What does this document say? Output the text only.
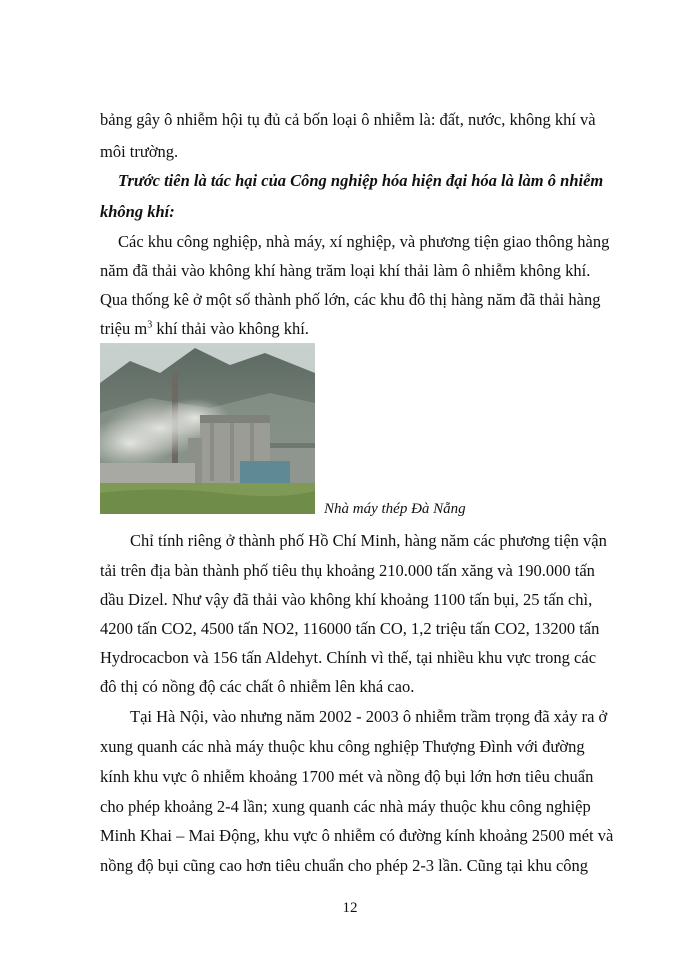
bảng gây ô nhiễm hội tụ đủ cả bốn loại ô nhiễm là: đất, nước, không khí và
môi trường.
Trước tiên là tác hại của Công nghiệp hóa hiện đại hóa là làm ô nhiễm
không khí:
Các khu công nghiệp, nhà máy, xí nghiệp, và phương tiện giao thông hàng
năm đã thải vào không khí hàng trăm loại khí thải làm ô nhiễm không khí.
Qua thống kê ở một số thành phố lớn, các khu đô thị hàng năm đã thải hàng
triệu $m^3$ khí thải vào không khí.
Nhà máy thép Đà Nẵng
Chỉ tính riêng ở thành phố Hồ Chí Minh, hàng năm các phương tiện vận
tải trên địa bàn thành phố tiêu thụ khoảng 210.000 tấn xăng và 190.000 tấn
dầu Dizel. Như vậy đã thải vào không khí khoảng 1100 tấn bụi, 25 tấn chì,
4200 tấn CO2, 4500 tấn NO2, 116000 tấn CO, 1,2 triệu tấn CO2, 13200 tấn
Hydrocacbon và 156 tấn Aldehyt. Chính vì thế, tại nhiều khu vực trong các
đô thị có nồng độ các chất ô nhiễm lên khá cao.
Tại Hà Nội, vào nhưng năm 2002 - 2003 ô nhiễm trầm trọng đã xảy ra ở
xung quanh các nhà máy thuộc khu công nghiệp Thượng Đình với đường
kính khu vực ô nhiễm khoảng 1700 mét và nồng độ bụi lớn hơn tiêu chuẩn
cho phép khoảng 2-4 lần; xung quanh các nhà máy thuộc khu công nghiệp
Minh Khai – Mai Động, khu vực ô nhiễm có đường kính khoảng 2500 mét và
nồng độ bụi cũng cao hơn tiêu chuẩn cho phép 2-3 lần. Cũng tại khu công
12
